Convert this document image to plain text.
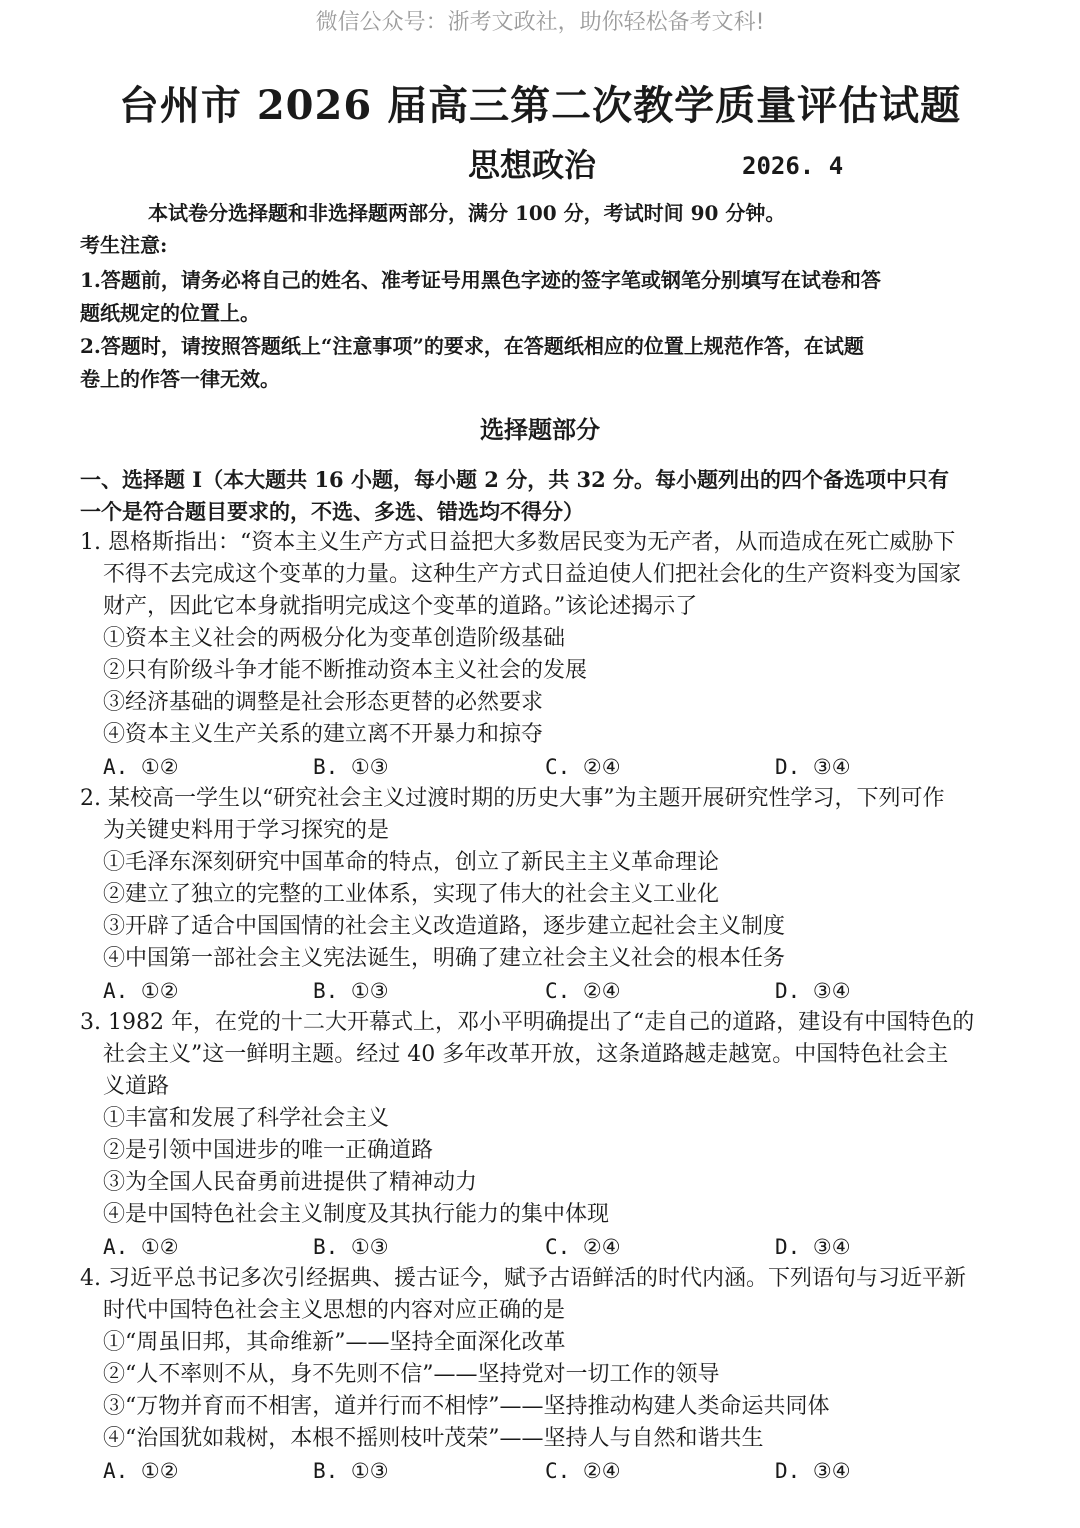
微信公众号：浙考文政社，助你轻松备考文科!
台州市 2026 届高三第二次教学质量评估试题
思想政治	2026. 4
本试卷分选择题和非选择题两部分，满分 100 分，考试时间 90 分钟。
考生注意:
1.答题前，请务必将自己的姓名、准考证号用黑色字迹的签字笔或钢笔分别填写在试卷和答
题纸规定的位置上。
2.答题时，请按照答题纸上“注意事项”的要求，在答题纸相应的位置上规范作答，在试题
卷上的作答一律无效。
选择题部分
一、选择题 I（本大题共 16 小题，每小题 2 分，共 32 分。每小题列出的四个备选项中只有
一个是符合题目要求的，不选、多选、错选均不得分）
1. 恩格斯指出：“资本主义生产方式日益把大多数居民变为无产者，从而造成在死亡威胁下
不得不去完成这个变革的力量。这种生产方式日益迫使人们把社会化的生产资料变为国家
财产，因此它本身就指明完成这个变革的道路。”该论述揭示了
①资本主义社会的两极分化为变革创造阶级基础
②只有阶级斗争才能不断推动资本主义社会的发展
③经济基础的调整是社会形态更替的必然要求
④资本主义生产关系的建立离不开暴力和掠夺
A. ①②	B. ①③	C. ②④	D. ③④
2. 某校高一学生以“研究社会主义过渡时期的历史大事”为主题开展研究性学习，下列可作
为关键史料用于学习探究的是
①毛泽东深刻研究中国革命的特点，创立了新民主主义革命理论
②建立了独立的完整的工业体系，实现了伟大的社会主义工业化
③开辟了适合中国国情的社会主义改造道路，逐步建立起社会主义制度
④中国第一部社会主义宪法诞生，明确了建立社会主义社会的根本任务
A. ①②	B. ①③	C. ②④	D. ③④
3. 1982 年，在党的十二大开幕式上，邓小平明确提出了“走自己的道路，建设有中国特色的
社会主义”这一鲜明主题。经过 40 多年改革开放，这条道路越走越宽。中国特色社会主
义道路
①丰富和发展了科学社会主义
②是引领中国进步的唯一正确道路
③为全国人民奋勇前进提供了精神动力
④是中国特色社会主义制度及其执行能力的集中体现
A. ①②	B. ①③	C. ②④	D. ③④
4. 习近平总书记多次引经据典、援古证今，赋予古语鲜活的时代内涵。下列语句与习近平新
时代中国特色社会主义思想的内容对应正确的是
①“周虽旧邦，其命维新”——坚持全面深化改革
②“人不率则不从，身不先则不信”——坚持党对一切工作的领导
③“万物并育而不相害，道并行而不相悖”——坚持推动构建人类命运共同体
④“治国犹如栽树，本根不摇则枝叶茂荣”——坚持人与自然和谐共生
A. ①②	B. ①③	C. ②④	D. ③④
